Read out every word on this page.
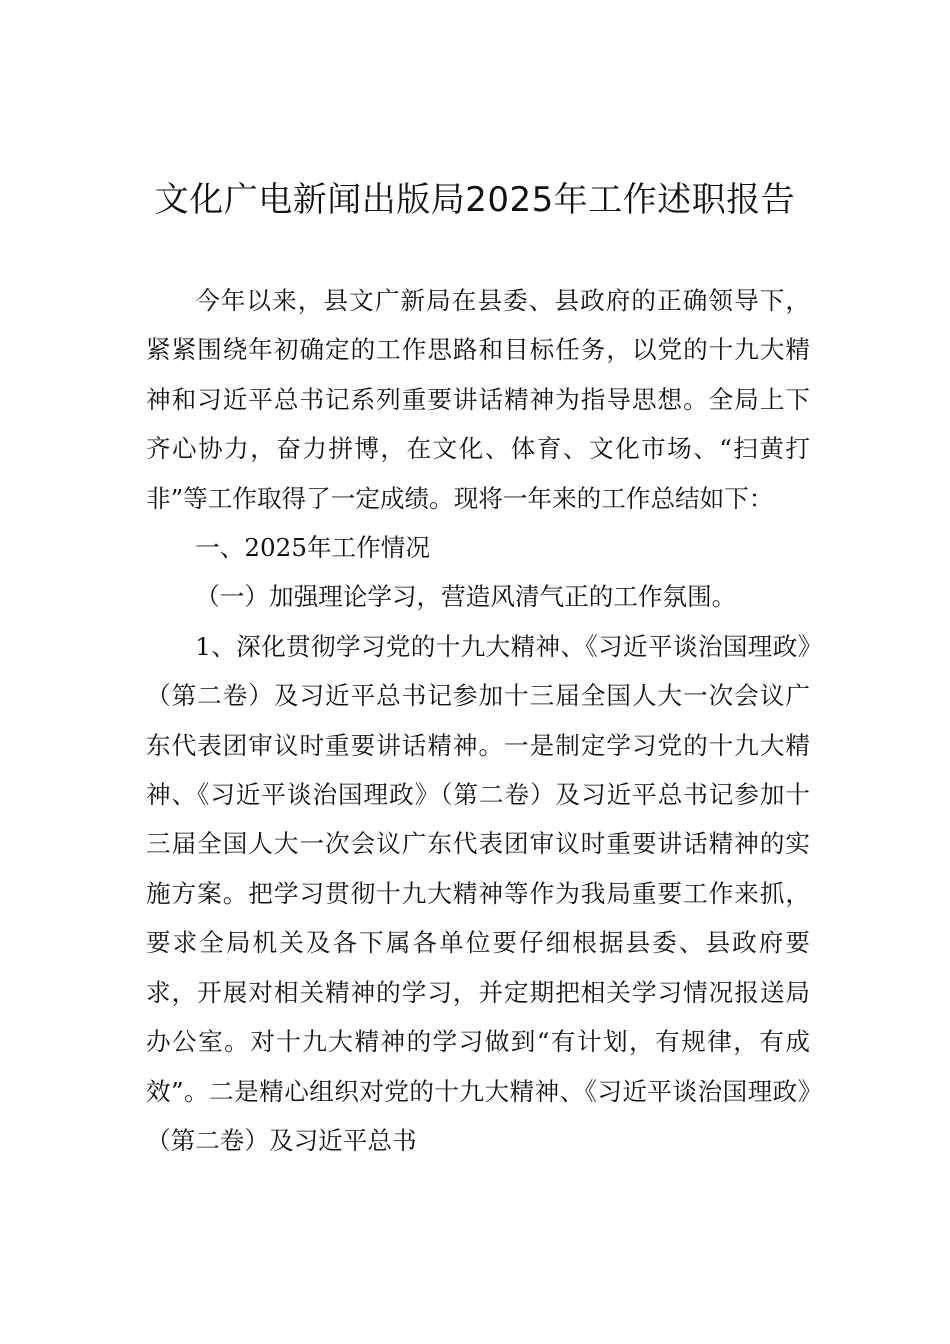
文化广电新闻出版局2025年工作述职报告

今年以来，县文广新局在县委、县政府的正确领导下，紧紧围绕年初确定的工作思路和目标任务，以党的十九大精神和习近平总书记系列重要讲话精神为指导思想。全局上下齐心协力，奋力拼博，在文化、体育、文化市场、“扫黄打非”等工作取得了一定成绩。现将一年来的工作总结如下：

一、2025年工作情况

（一）加强理论学习，营造风清气正的工作氛围。

1、深化贯彻学习党的十九大精神、《习近平谈治国理政》（第二卷）及习近平总书记参加十三届全国人大一次会议广东代表团审议时重要讲话精神。一是制定学习党的十九大精神、《习近平谈治国理政》（第二卷）及习近平总书记参加十三届全国人大一次会议广东代表团审议时重要讲话精神的实施方案。把学习贯彻十九大精神等作为我局重要工作来抓，要求全局机关及各下属各单位要仔细根据县委、县政府要求，开展对相关精神的学习，并定期把相关学习情况报送局办公室。对十九大精神的学习做到“有计划，有规律，有成效”。二是精心组织对党的十九大精神、《习近平谈治国理政》（第二卷）及习近平总书
